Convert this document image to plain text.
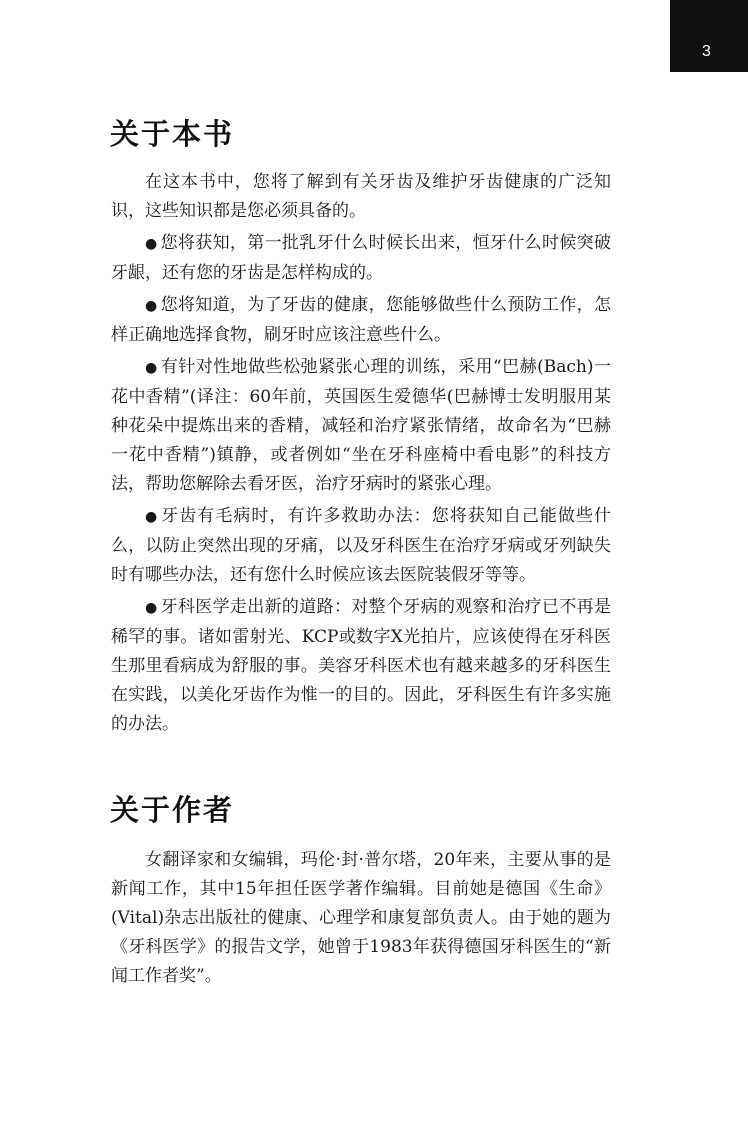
3
关于本书

在这本书中，您将了解到有关牙齿及维护牙齿健康的广泛知识，这些知识都是您必须具备的。

● 您将获知，第一批乳牙什么时候长出来，恒牙什么时候突破牙龈，还有您的牙齿是怎样构成的。

● 您将知道，为了牙齿的健康，您能够做些什么预防工作，怎样正确地选择食物，刷牙时应该注意些什么。

● 有针对性地做些松弛紧张心理的训练，采用“巴赫(Bach)一花中香精”(译注：60年前，英国医生爱德华(巴赫博士发明服用某种花朵中提炼出来的香精，减轻和治疗紧张情绪，故命名为“巴赫一花中香精”)镇静，或者例如“坐在牙科座椅中看电影”的科技方法，帮助您解除去看牙医，治疗牙病时的紧张心理。

● 牙齿有毛病时，有许多救助办法：您将获知自己能做些什么，以防止突然出现的牙痛，以及牙科医生在治疗牙病或牙列缺失时有哪些办法，还有您什么时候应该去医院装假牙等等。

● 牙科医学走出新的道路：对整个牙病的观察和治疗已不再是稀罕的事。诸如雷射光、KCP或数字X光拍片，应该使得在牙科医生那里看病成为舒服的事。美容牙科医术也有越来越多的牙科医生在实践，以美化牙齿作为惟一的目的。因此，牙科医生有许多实施的办法。

关于作者

女翻译家和女编辑，玛伦·封·普尔塔，20年来，主要从事的是新闻工作，其中15年担任医学著作编辑。目前她是德国《生命》(Vital)杂志出版社的健康、心理学和康复部负责人。由于她的题为《牙科医学》的报告文学，她曾于1983年获得德国牙科医生的“新闻工作者奖”。
